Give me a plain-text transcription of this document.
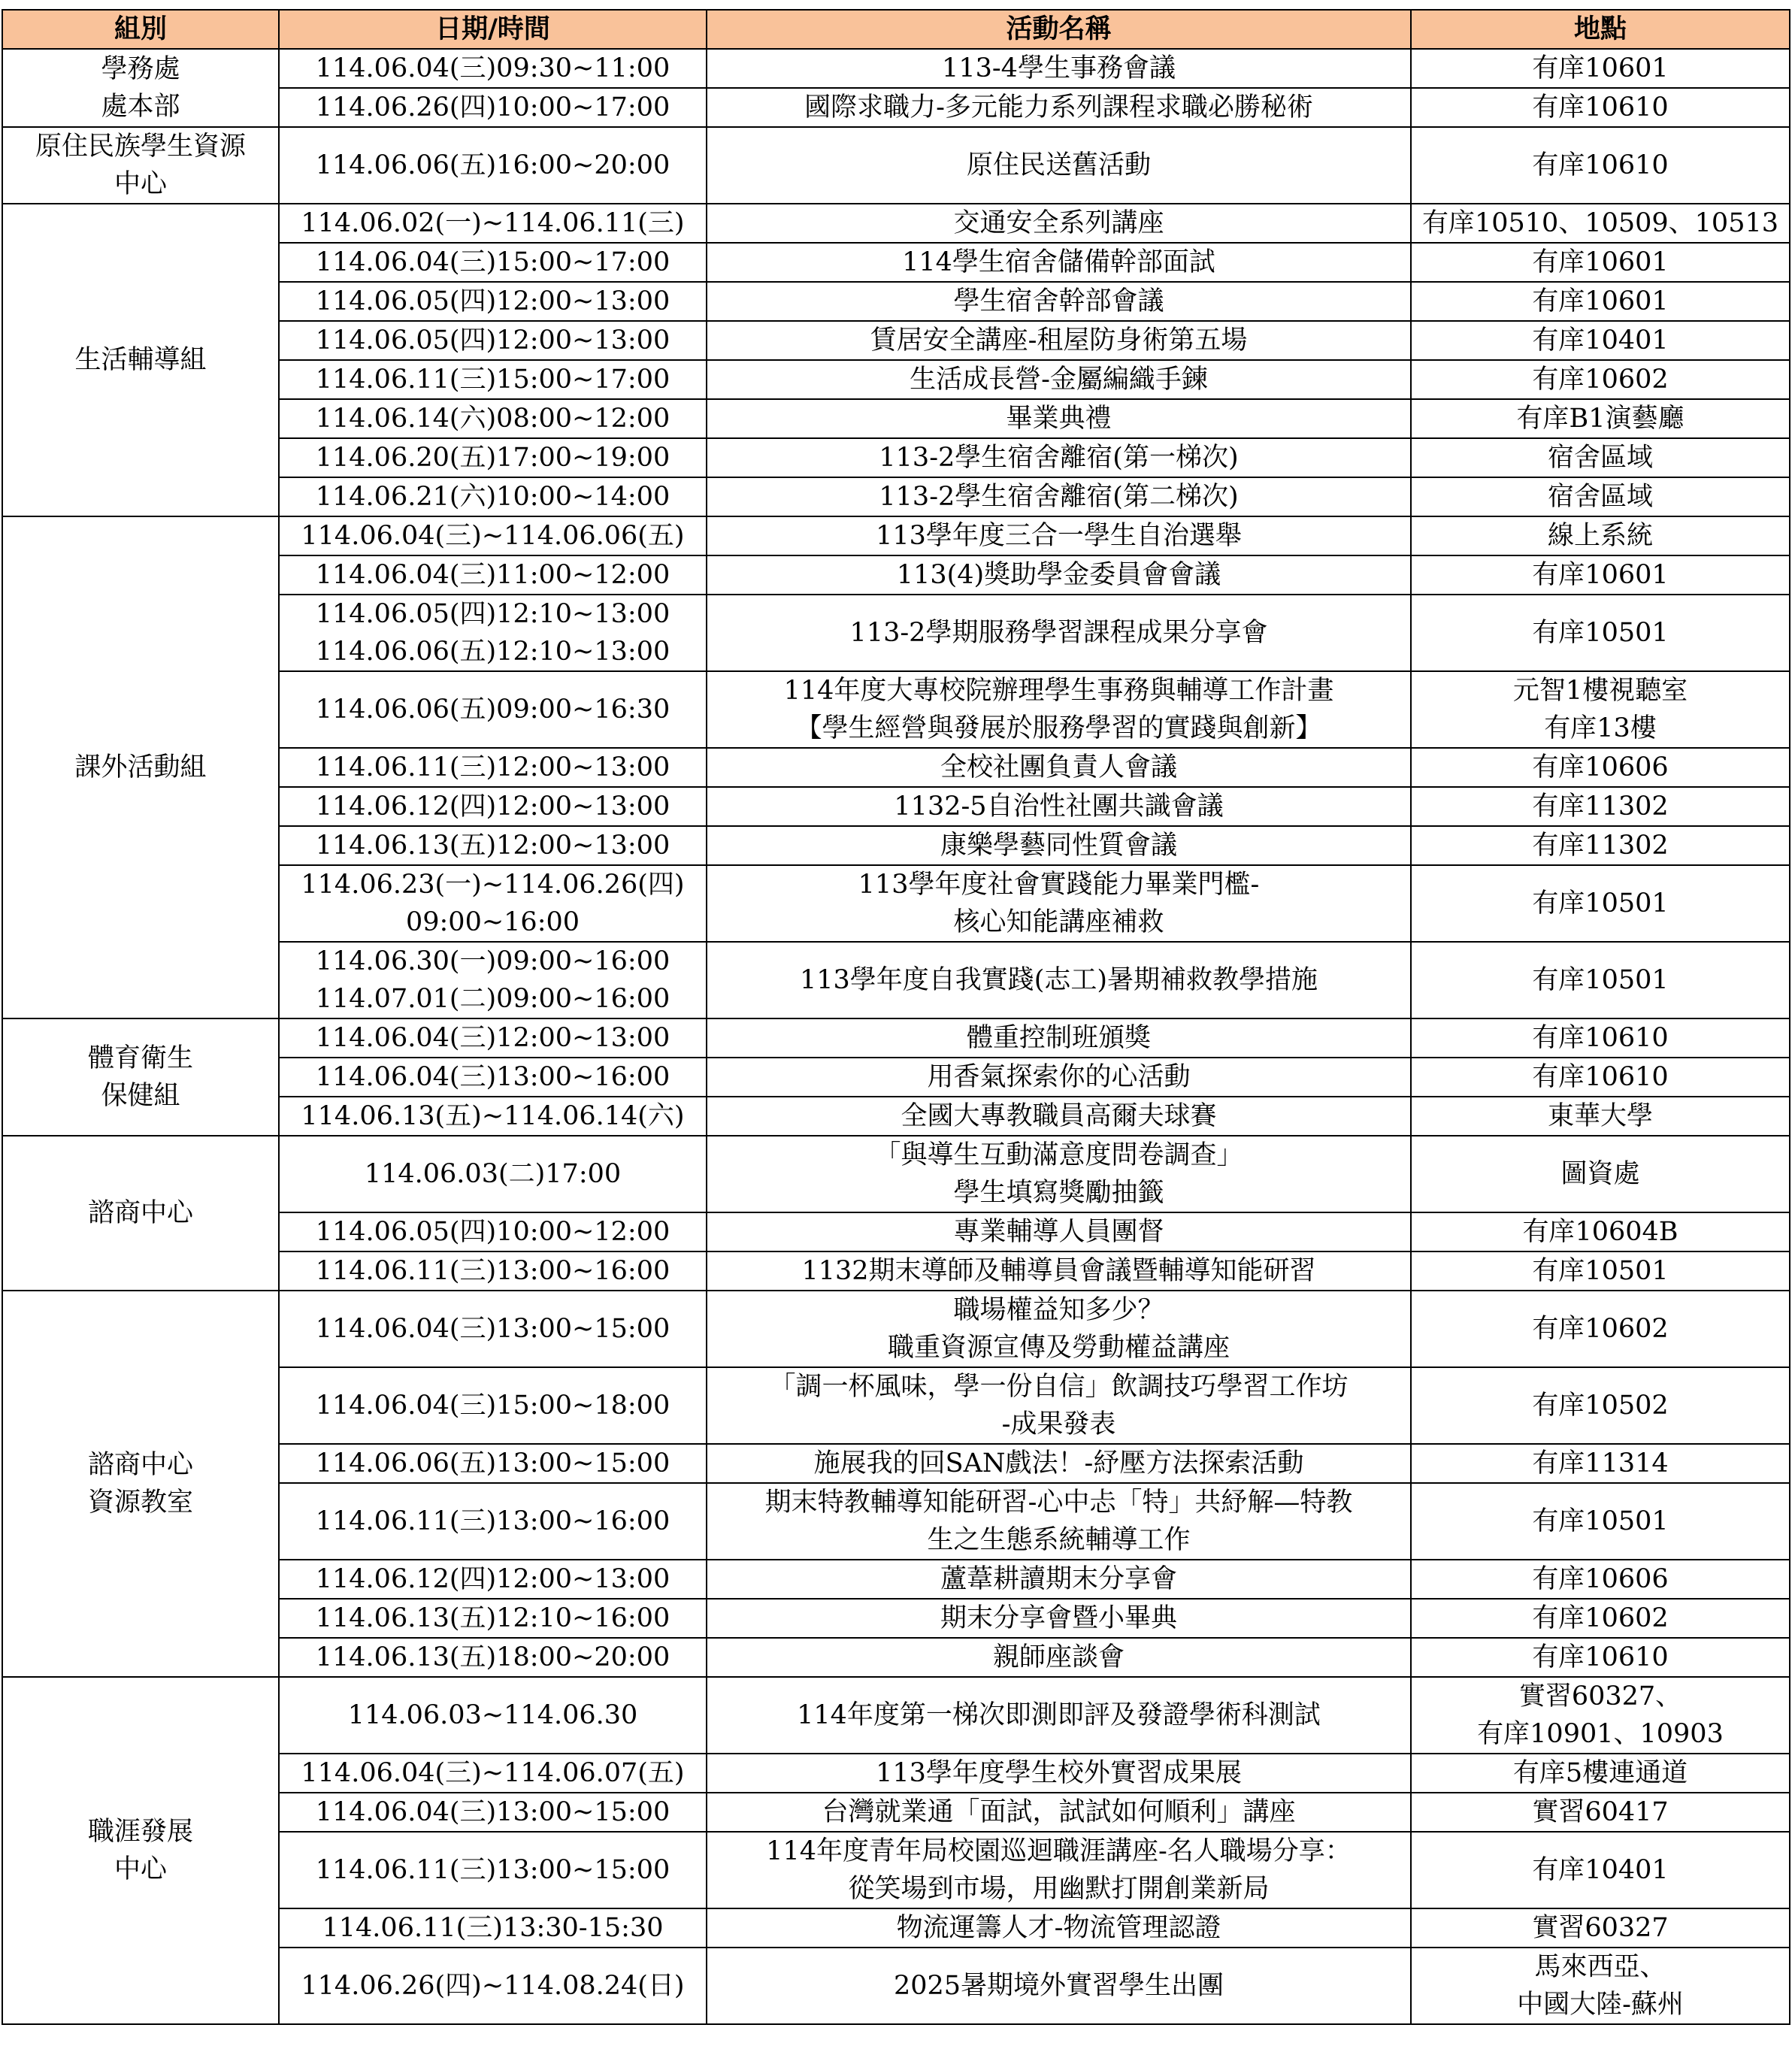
組別	日期/時間	活動名稱	地點
學務處
處本部	114.06.04(三)09:30~11:00	113-4學生事務會議	有庠10601
	114.06.26(四)10:00~17:00	國際求職力-多元能力系列課程求職必勝秘術	有庠10610
原住民族學生資源
中心	114.06.06(五)16:00~20:00	原住民送舊活動	有庠10610
生活輔導組	114.06.02(一)~114.06.11(三)	交通安全系列講座	有庠10510、10509、10513
	114.06.04(三)15:00~17:00	114學生宿舍儲備幹部面試	有庠10601
	114.06.05(四)12:00~13:00	學生宿舍幹部會議	有庠10601
	114.06.05(四)12:00~13:00	賃居安全講座-租屋防身術第五場	有庠10401
	114.06.11(三)15:00~17:00	生活成長營-金屬編織手鍊	有庠10602
	114.06.14(六)08:00~12:00	畢業典禮	有庠B1演藝廳
	114.06.20(五)17:00~19:00	113-2學生宿舍離宿(第一梯次)	宿舍區域
	114.06.21(六)10:00~14:00	113-2學生宿舍離宿(第二梯次)	宿舍區域
課外活動組	114.06.04(三)~114.06.06(五)	113學年度三合一學生自治選舉	線上系統
	114.06.04(三)11:00~12:00	113(4)獎助學金委員會會議	有庠10601
	114.06.05(四)12:10~13:00
114.06.06(五)12:10~13:00	113-2學期服務學習課程成果分享會	有庠10501
	114.06.06(五)09:00~16:30	114年度大專校院辦理學生事務與輔導工作計畫
【學生經營與發展於服務學習的實踐與創新】	元智1樓視聽室
有庠13樓
	114.06.11(三)12:00~13:00	全校社團負責人會議	有庠10606
	114.06.12(四)12:00~13:00	1132-5自治性社團共識會議	有庠11302
	114.06.13(五)12:00~13:00	康樂學藝同性質會議	有庠11302
	114.06.23(一)~114.06.26(四)
09:00~16:00	113學年度社會實踐能力畢業門檻-
核心知能講座補救	有庠10501
	114.06.30(一)09:00~16:00
114.07.01(二)09:00~16:00	113學年度自我實踐(志工)暑期補救教學措施	有庠10501
體育衛生
保健組	114.06.04(三)12:00~13:00	體重控制班頒獎	有庠10610
	114.06.04(三)13:00~16:00	用香氣探索你的心活動	有庠10610
	114.06.13(五)~114.06.14(六)	全國大專教職員高爾夫球賽	東華大學
諮商中心	114.06.03(二)17:00	「與導生互動滿意度問卷調查」
學生填寫獎勵抽籤	圖資處
	114.06.05(四)10:00~12:00	專業輔導人員團督	有庠10604B
	114.06.11(三)13:00~16:00	1132期末導師及輔導員會議暨輔導知能研習	有庠10501
諮商中心
資源教室	114.06.04(三)13:00~15:00	職場權益知多少？
職重資源宣傳及勞動權益講座	有庠10602
	114.06.04(三)15:00~18:00	「調一杯風味，學一份自信」飲調技巧學習工作坊
-成果發表	有庠10502
	114.06.06(五)13:00~15:00	施展我的回SAN戲法！-紓壓方法探索活動	有庠11314
	114.06.11(三)13:00~16:00	期末特教輔導知能研習-心中忐「特」共紓解—特教
生之生態系統輔導工作	有庠10501
	114.06.12(四)12:00~13:00	蘆葦耕讀期末分享會	有庠10606
	114.06.13(五)12:10~16:00	期末分享會暨小畢典	有庠10602
	114.06.13(五)18:00~20:00	親師座談會	有庠10610
職涯發展
中心	114.06.03~114.06.30	114年度第一梯次即測即評及發證學術科測試	實習60327、
有庠10901、10903
	114.06.04(三)~114.06.07(五)	113學年度學生校外實習成果展	有庠5樓連通道
	114.06.04(三)13:00~15:00	台灣就業通「面試，試試如何順利」講座	實習60417
	114.06.11(三)13:00~15:00	114年度青年局校園巡迴職涯講座-名人職場分享：
從笑場到市場，用幽默打開創業新局	有庠10401
	114.06.11(三)13:30-15:30	物流運籌人才-物流管理認證	實習60327
	114.06.26(四)~114.08.24(日)	2025暑期境外實習學生出團	馬來西亞、
中國大陸-蘇州
